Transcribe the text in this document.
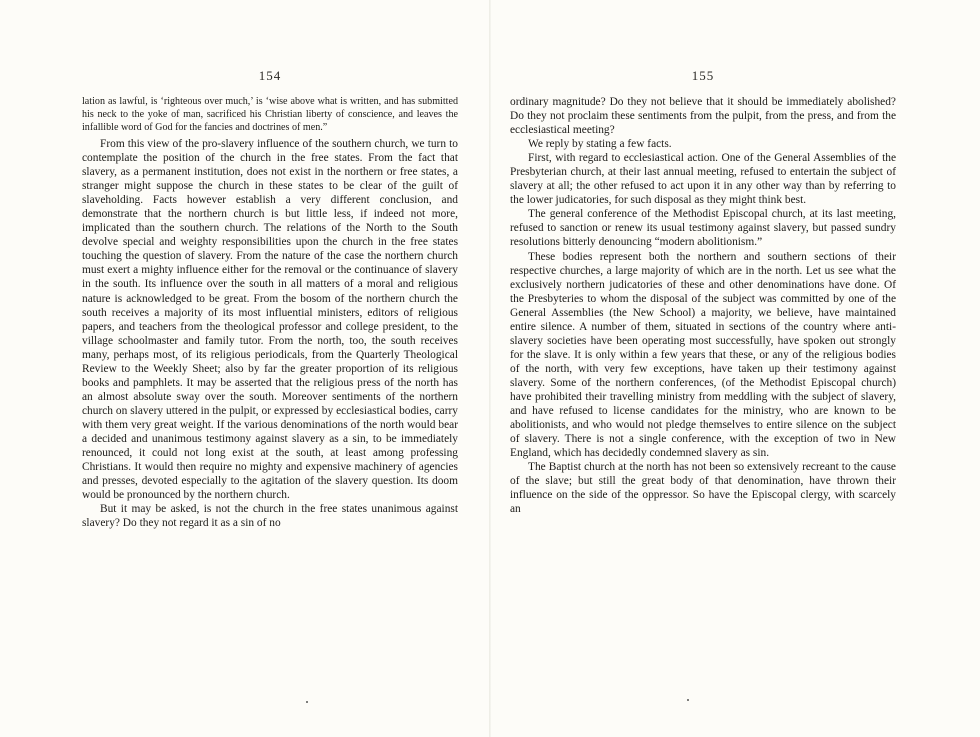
154

lation as lawful, is ‘righteous over much,’ is ‘wise above what is written, and has submitted his neck to the yoke of man, sacrificed his Christian liberty of conscience, and leaves the infallible word of God for the fancies and doctrines of men.”

From this view of the pro-slavery influence of the southern church, we turn to contemplate the position of the church in the free states. From the fact that slavery, as a permanent institution, does not exist in the northern or free states, a stranger might suppose the church in these states to be clear of the guilt of slaveholding. Facts however establish a very different conclusion, and demonstrate that the northern church is but little less, if indeed not more, implicated than the southern church. The relations of the North to the South devolve special and weighty responsibilities upon the church in the free states touching the question of slavery. From the nature of the case the northern church must exert a mighty influence either for the removal or the continuance of slavery in the south. Its influence over the south in all matters of a moral and religious nature is acknowledged to be great. From the bosom of the northern church the south receives a majority of its most influential ministers, editors of religious papers, and teachers from the theological professor and college president, to the village schoolmaster and family tutor. From the north, too, the south receives many, perhaps most, of its religious periodicals, from the Quarterly Theological Review to the Weekly Sheet; also by far the greater proportion of its religious books and pamphlets. It may be asserted that the religious press of the north has an almost absolute sway over the south. Moreover sentiments of the northern church on slavery uttered in the pulpit, or expressed by ecclesiastical bodies, carry with them very great weight. If the various denominations of the north would bear a decided and unanimous testimony against slavery as a sin, to be immediately renounced, it could not long exist at the south, at least among professing Christians. It would then require no mighty and expensive machinery of agencies and presses, devoted especially to the agitation of the slavery question. Its doom would be pronounced by the northern church.

But it may be asked, is not the church in the free states unanimous against slavery? Do they not regard it as a sin of no

155

ordinary magnitude? Do they not believe that it should be immediately abolished? Do they not proclaim these sentiments from the pulpit, from the press, and from the ecclesiastical meeting?

We reply by stating a few facts.

First, with regard to ecclesiastical action. One of the General Assemblies of the Presbyterian church, at their last annual meeting, refused to entertain the subject of slavery at all; the other refused to act upon it in any other way than by referring to the lower judicatories, for such disposal as they might think best.

The general conference of the Methodist Episcopal church, at its last meeting, refused to sanction or renew its usual testimony against slavery, but passed sundry resolutions bitterly denouncing “modern abolitionism.”

These bodies represent both the northern and southern sections of their respective churches, a large majority of which are in the north. Let us see what the exclusively northern judicatories of these and other denominations have done. Of the Presbyteries to whom the disposal of the subject was committed by one of the General Assemblies (the New School) a majority, we believe, have maintained entire silence. A number of them, situated in sections of the country where anti-slavery societies have been operating most successfully, have spoken out strongly for the slave. It is only within a few years that these, or any of the religious bodies of the north, with very few exceptions, have taken up their testimony against slavery. Some of the northern conferences, (of the Methodist Episcopal church) have prohibited their travelling ministry from meddling with the subject of slavery, and have refused to license candidates for the ministry, who are known to be abolitionists, and who would not pledge themselves to entire silence on the subject of slavery. There is not a single conference, with the exception of two in New England, which has decidedly condemned slavery as sin.

The Baptist church at the north has not been so extensively recreant to the cause of the slave; but still the great body of that denomination, have thrown their influence on the side of the oppressor. So have the Episcopal clergy, with scarcely an
